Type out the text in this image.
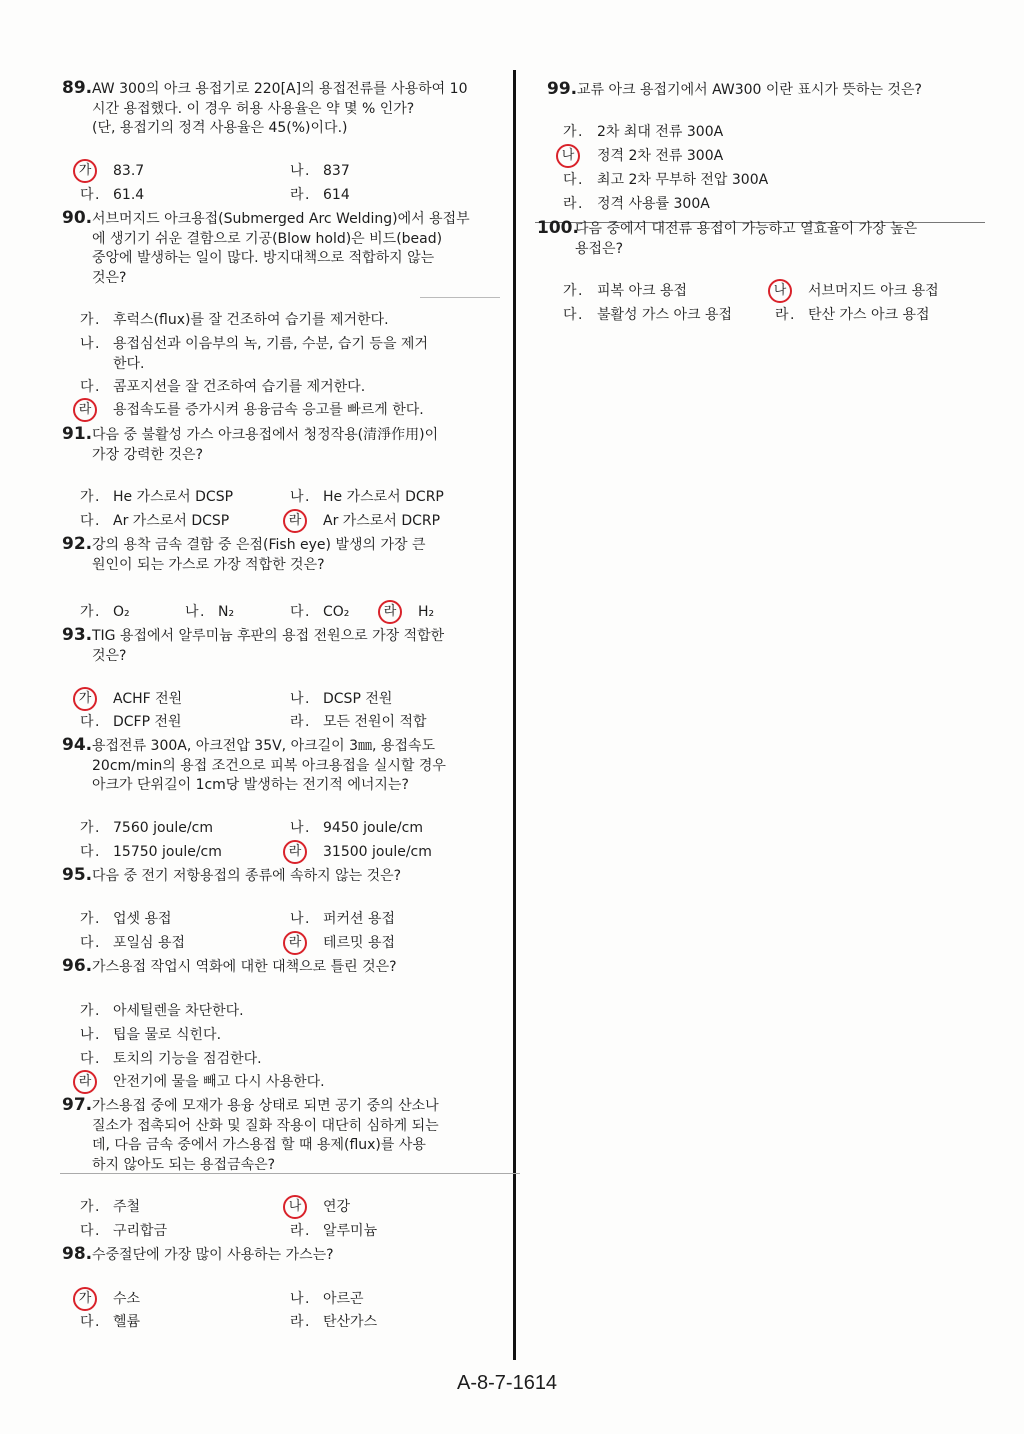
89. AW 300의 아크 용접기로 220[A]의 용접전류를 사용하여 10
시간 용접했다. 이 경우 허용 사용율은 약 몇 % 인가?
(단, 용접기의 정격 사용율은 45(%)이다.)
가	83.7	나 . 837
다 . 61.4	라 . 614
90. 서브머지드 아크용접(Submerged Arc Welding)에서 용접부
에 생기기 쉬운 결함으로 기공(Blow hold)은 비드(bead)
중앙에 발생하는 일이 많다. 방지대책으로 적합하지 않는
것은?
가 . 후럭스(flux)를 잘 건조하여 습기를 제거한다.
나 . 용접심선과 이음부의 녹, 기름, 수분, 습기 등을 제거
한다.
다 . 콤포지션을 잘 건조하여 습기를 제거한다.
라	용접속도를 증가시켜 용융금속 응고를 빠르게 한다.
91. 다음 중 불활성 가스 아크용접에서 청정작용(清淨作用)이
가장 강력한 것은?
가 . He 가스로서 DCSP	나 . He 가스로서 DCRP
다 . Ar 가스로서 DCSP	라	Ar 가스로서 DCRP
92. 강의 용착 금속 결함 중 은점(Fish eye) 발생의 가장 큰
원인이 되는 가스로 가장 적합한 것은?
가 . O₂	나 . N₂	다 . CO₂	라	H₂
93. TIG 용접에서 알루미늄 후판의 용접 전원으로 가장 적합한
것은?
가	ACHF 전원	나 . DCSP 전원
다 . DCFP 전원	라 . 모든 전원이 적합
94. 용접전류 300A, 아크전압 35V, 아크길이 3㎜, 용접속도
20cm/min의 용접 조건으로 피복 아크용접을 실시할 경우
아크가 단위길이 1cm당 발생하는 전기적 에너지는?
가 . 7560 joule/cm	나 . 9450 joule/cm
다 . 15750 joule/cm	라	31500 joule/cm
95. 다음 중 전기 저항용접의 종류에 속하지 않는 것은?
가 . 업셋 용접	나 . 퍼커션 용접
다 . 포일심 용접	라	테르밋 용접
96. 가스용접 작업시 역화에 대한 대책으로 틀린 것은?
가 . 아세틸렌을 차단한다.
나 . 팁을 물로 식힌다.
다 . 토치의 기능을 점검한다.
라	안전기에 물을 빼고 다시 사용한다.
97. 가스용접 중에 모재가 용융 상태로 되면 공기 중의 산소나
질소가 접촉되어 산화 및 질화 작용이 대단히 심하게 되는
데, 다음 금속 중에서 가스용접 할 때 용제(flux)를 사용
하지 않아도 되는 용접금속은?
가 . 주철	나	연강
다 . 구리합금	라 . 알루미늄
98. 수중절단에 가장 많이 사용하는 가스는?
가	수소	나 . 아르곤
다 . 헬륨	라 . 탄산가스
99. 교류 아크 용접기에서 AW300 이란 표시가 뜻하는 것은?
가 . 2차 최대 전류 300A
나	정격 2차 전류 300A
다 . 최고 2차 무부하 전압 300A
라 . 정격 사용률 300A
100.
다음 중에서 대전류 용접이 가능하고 열효율이 가장 높은
용접은?
가 . 피복 아크 용접	나	서브머지드 아크 용접
다 . 불활성 가스 아크 용접	라 . 탄산 가스 아크 용접
A-8-7-1614
